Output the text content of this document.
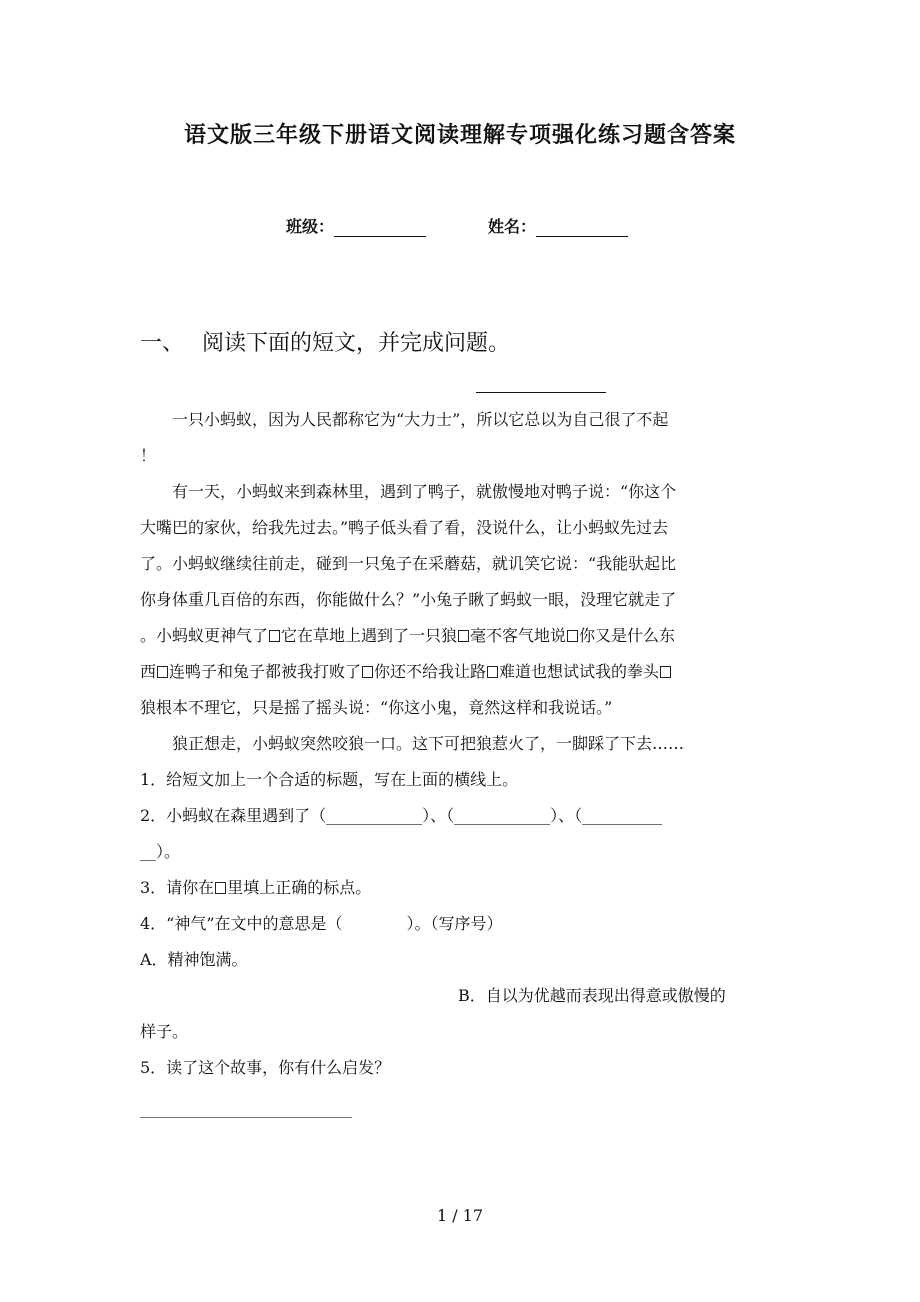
语文版三年级下册语文阅读理解专项强化练习题含答案
班级：	姓名：
一、 阅读下面的短文，并完成问题。
一只小蚂蚁，因为人民都称它为“大力士”，所以它总以为自己很了不起
！
有一天，小蚂蚁来到森林里，遇到了鸭子，就傲慢地对鸭子说：“你这个
大嘴巴的家伙，给我先过去。”鸭子低头看了看，没说什么，让小蚂蚁先过去
了。小蚂蚁继续往前走，碰到一只兔子在采蘑菇，就讥笑它说：“我能驮起比
你身体重几百倍的东西，你能做什么？”小兔子瞅了蚂蚁一眼，没理它就走了
。小蚂蚁更神气了 它在草地上遇到了一只狼 毫不客气地说 你又是什么东
西 连鸭子和兔子都被我打败了 你还不给我让路 难道也想试试我的拳头
狼根本不理它，只是摇了摇头说：“你这小鬼，竟然这样和我说话。”
狼正想走，小蚂蚁突然咬狼一口。这下可把狼惹火了，一脚踩了下去……
1．给短文加上一个合适的标题，写在上面的横线上。
2．小蚂蚁在森里遇到了（____________）、（____________）、（__________
__）。
3．请你在 里填上正确的标点。
4．“神气”在文中的意思是（　　　　）。（写序号）
A．精神饱满。
B．自以为优越而表现出得意或傲慢的
样子。
5．读了这个故事，你有什么启发？
1 / 17
